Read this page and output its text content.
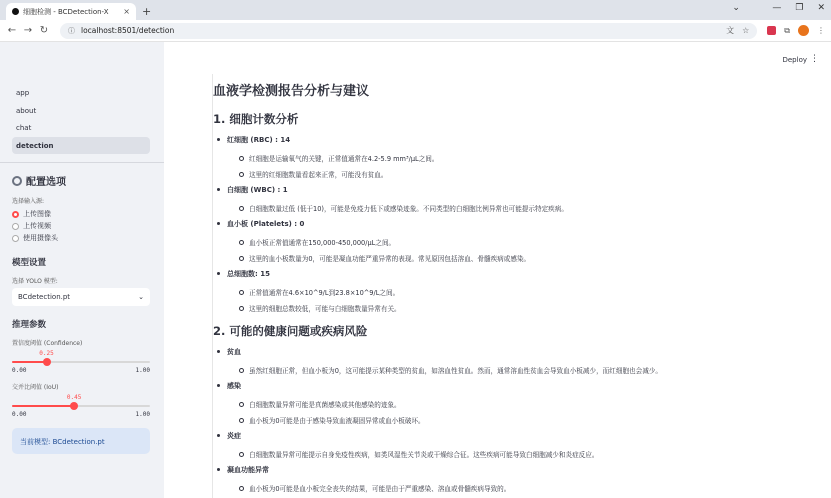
细胞检测 - BCDetection-X	× +	⌄	— ❐ ✕
← → ↻	ⓘ localhost:8501/detection	文 ☆	⧉	⋮
app
about
chat
detection
配置选项
选择输入源:
上传图像
上传视频
使用摄像头
模型设置
选择 YOLO 模型:
BCdetection.pt	⌄
推理参数
置信度阈值 (Confidence)
0.25
0.00	1.00
交并比阈值 (IoU)
0.45
0.00	1.00
当前模型: BCdetection.pt
Deploy ⋮
血液学检测报告分析与建议
1. 细胞计数分析
红细胞 (RBC) : 14
红细胞是运输氧气的关键，正常值通常在4.2-5.9 mm³/μL之间。
这里的红细胞数量看起来正常，可能没有贫血。
白细胞 (WBC) : 1
白细胞数量过低 (低于10)，可能是免疫力低下或感染迹象。不同类型的白细胞比例异常也可能提示特定疾病。
血小板 (Platelets) : 0
血小板正常值通常在150,000-450,000/μL之间。
这里的血小板数量为0，可能是凝血功能严重异常的表现。常见原因包括溶血、骨髓疾病或感染。
总细胞数: 15
正常值通常在4.6×10^9/L到23.8×10^9/L之间。
这里的细胞总数较低，可能与白细胞数量异常有关。
2. 可能的健康问题或疾病风险
贫血
虽然红细胞正常，但血小板为0，这可能提示某种类型的贫血，如溶血性贫血。然而，通常溶血性贫血会导致血小板减少，而红细胞也会减少。
感染
白细胞数量异常可能是真菌感染或其他感染的迹象。
血小板为0可能是由于感染导致血液凝固异常或血小板破坏。
炎症
白细胞数量异常可能提示自身免疫性疾病，如类风湿性关节炎或干燥综合征。这些疾病可能导致白细胞减少和炎症反应。
凝血功能异常
血小板为0可能是血小板完全丧失的结果，可能是由于严重感染、溶血或骨髓疾病导致的。
